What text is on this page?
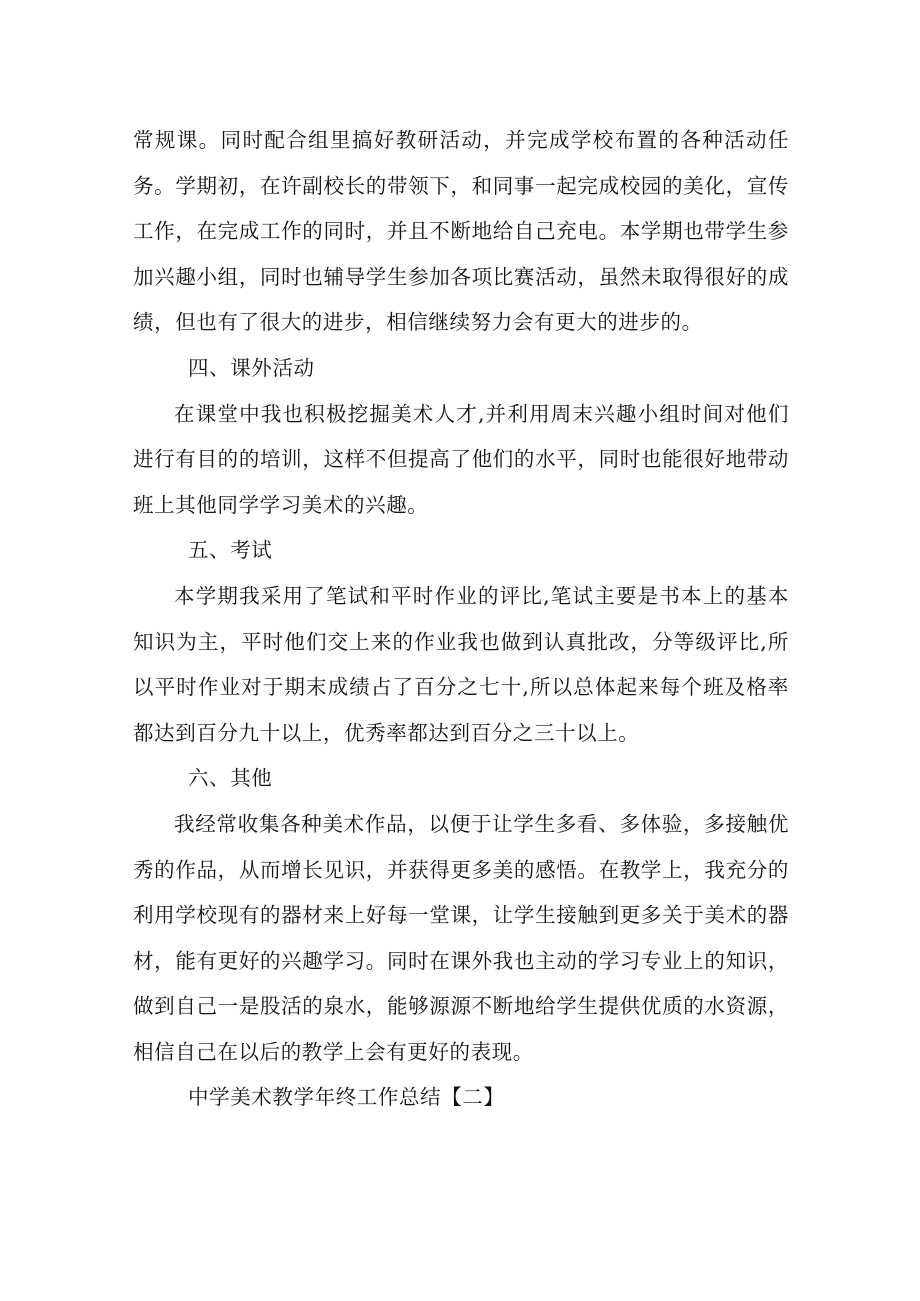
常规课。同时配合组里搞好教研活动，并完成学校布置的各种活动任务。学期初，在许副校长的带领下，和同事一起完成校园的美化，宣传工作，在完成工作的同时，并且不断地给自己充电。本学期也带学生参加兴趣小组，同时也辅导学生参加各项比赛活动，虽然未取得很好的成绩，但也有了很大的进步，相信继续努力会有更大的进步的。

四、课外活动

在课堂中我也积极挖掘美术人才,并利用周末兴趣小组时间对他们进行有目的的培训，这样不但提高了他们的水平，同时也能很好地带动班上其他同学学习美术的兴趣。

五、考试

本学期我采用了笔试和平时作业的评比,笔试主要是书本上的基本知识为主，平时他们交上来的作业我也做到认真批改，分等级评比,所以平时作业对于期末成绩占了百分之七十,所以总体起来每个班及格率都达到百分九十以上，优秀率都达到百分之三十以上。

六、其他

我经常收集各种美术作品，以便于让学生多看、多体验，多接触优秀的作品，从而增长见识，并获得更多美的感悟。在教学上，我充分的利用学校现有的器材来上好每一堂课，让学生接触到更多关于美术的器材，能有更好的兴趣学习。同时在课外我也主动的学习专业上的知识，做到自己一是股活的泉水，能够源源不断地给学生提供优质的水资源，相信自己在以后的教学上会有更好的表现。

中学美术教学年终工作总结【二】
